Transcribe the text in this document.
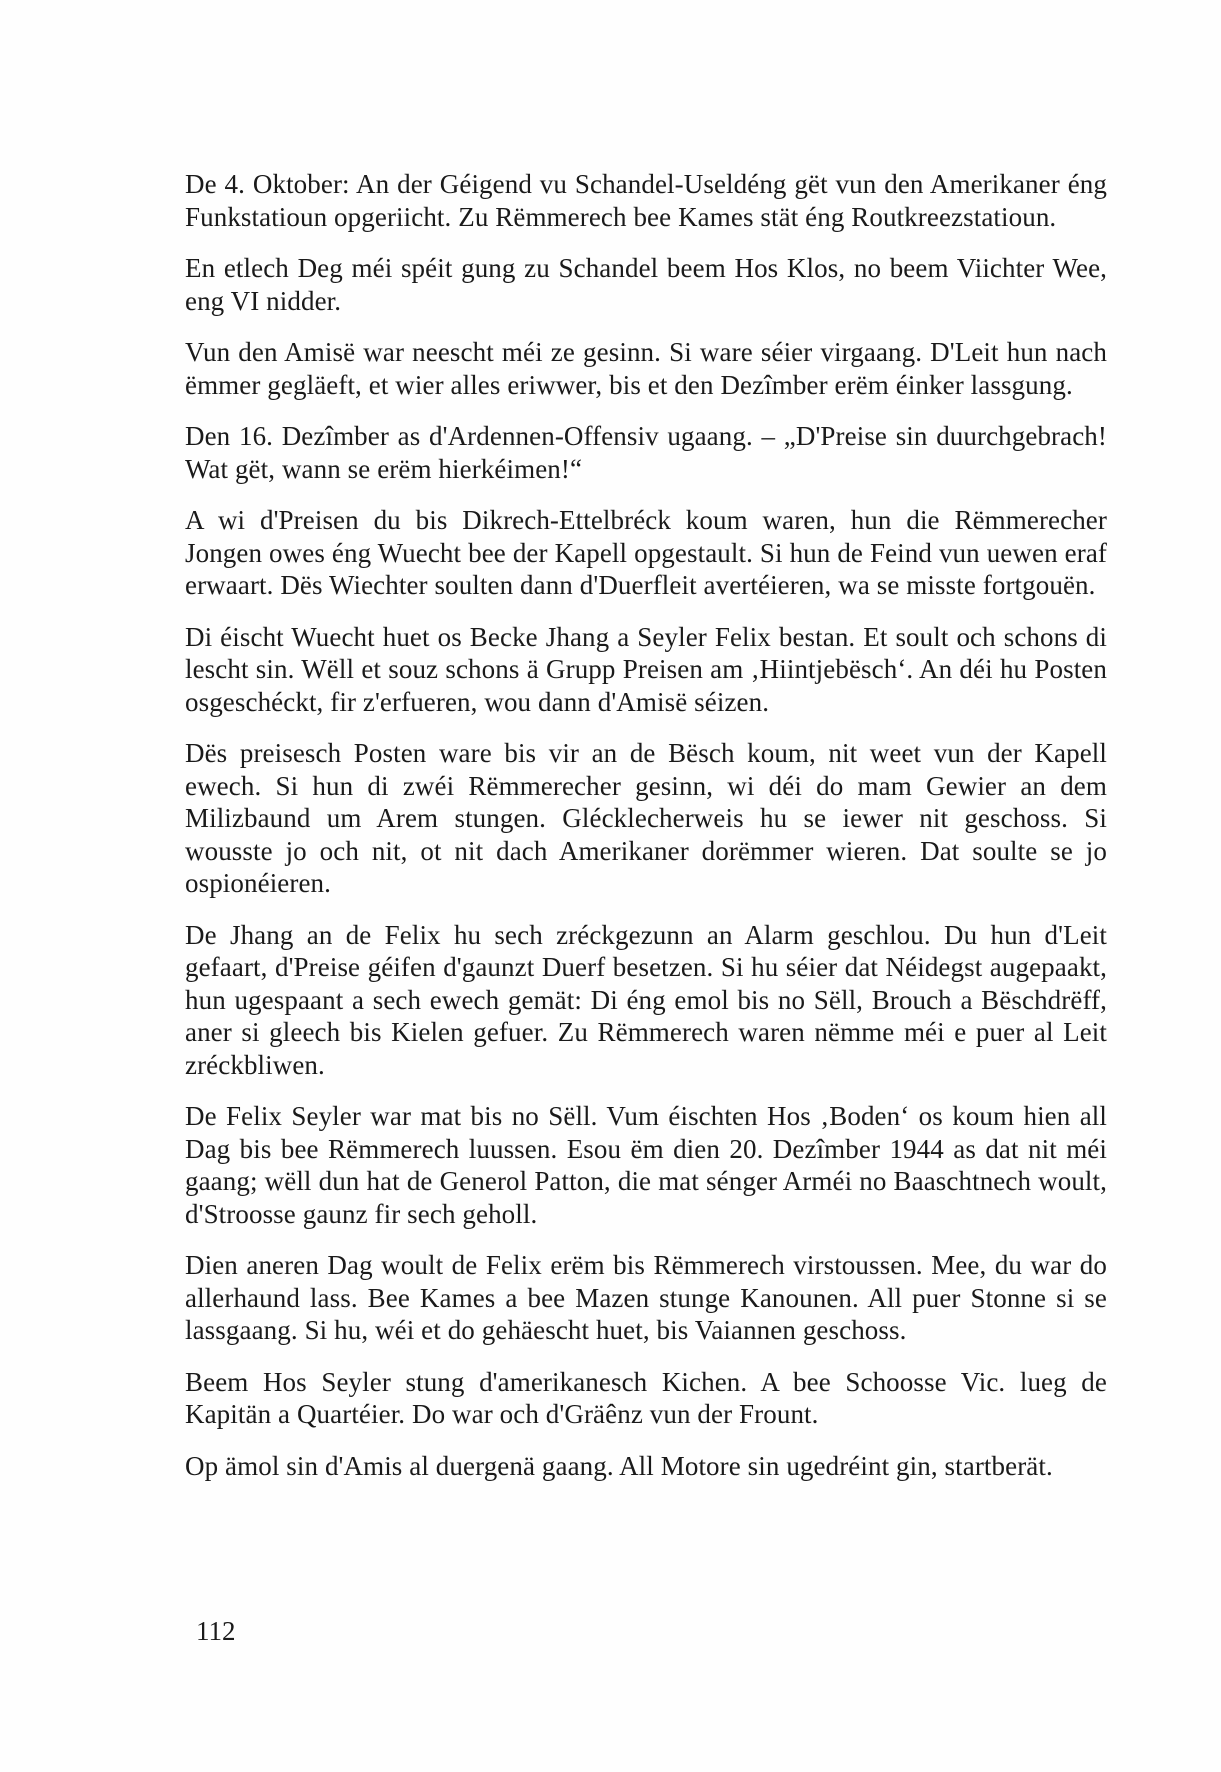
De 4. Oktober: An der Géigend vu Schandel-Useldéng gët vun den Amerikaner éng Funkstatioun opgeriicht. Zu Rëmmerech bee Kames stät éng Routkreezstatioun.

En etlech Deg méi spéit gung zu Schandel beem Hos Klos, no beem Viichter Wee, eng VI nidder.

Vun den Amisë war neescht méi ze gesinn. Si ware séier virgaang. D'Leit hun nach ëmmer gegläeft, et wier alles eriwwer, bis et den Dezîmber erëm éinker lassgung.

Den 16. Dezîmber as d'Ardennen-Offensiv ugaang. – „D'Preise sin duurchgebrach! Wat gët, wann se erëm hierkéimen!“

A wi d'Preisen du bis Dikrech-Ettelbréck koum waren, hun die Rëmmerecher Jongen owes éng Wuecht bee der Kapell opgestault. Si hun de Feind vun uewen eraf erwaart. Dës Wiechter soulten dann d'Duerfleit avertéieren, wa se misste fortgouën.

Di éischt Wuecht huet os Becke Jhang a Seyler Felix bestan. Et soult och schons di lescht sin. Wëll et souz schons ä Grupp Preisen am ‚Hiintjebësch‘. An déi hu Posten osgeschéckt, fir z'erfueren, wou dann d'Amisë séizen.

Dës preisesch Posten ware bis vir an de Bësch koum, nit weet vun der Kapell ewech. Si hun di zwéi Rëmmerecher gesinn, wi déi do mam Gewier an dem Milizbaund um Arem stungen. Glécklecherweis hu se iewer nit geschoss. Si wousste jo och nit, ot nit dach Amerikaner dorëmmer wieren. Dat soulte se jo ospionéieren.

De Jhang an de Felix hu sech zréckgezunn an Alarm geschlou. Du hun d'Leit gefaart, d'Preise géifen d'gaunzt Duerf besetzen. Si hu séier dat Néidegst augepaakt, hun ugespaant a sech ewech gemät: Di éng emol bis no Sëll, Brouch a Bëschdrëff, aner si gleech bis Kielen gefuer. Zu Rëmmerech waren nëmme méi e puer al Leit zréckbliwen.

De Felix Seyler war mat bis no Sëll. Vum éischten Hos ‚Boden‘ os koum hien all Dag bis bee Rëmmerech luussen. Esou ëm dien 20. Dezîmber 1944 as dat nit méi gaang; wëll dun hat de Generol Patton, die mat sénger Arméi no Baaschtnech woult, d'Stroosse gaunz fir sech geholl.

Dien aneren Dag woult de Felix erëm bis Rëmmerech virstoussen. Mee, du war do allerhaund lass. Bee Kames a bee Mazen stunge Kanounen. All puer Stonne si se lassgaang. Si hu, wéi et do gehäescht huet, bis Vaiannen geschoss.

Beem Hos Seyler stung d'amerikanesch Kichen. A bee Schoosse Vic. lueg de Kapitän a Quartéier. Do war och d'Gräênz vun der Frount.

Op ämol sin d'Amis al duergenä gaang. All Motore sin ugedréint gin, startberät.

112
